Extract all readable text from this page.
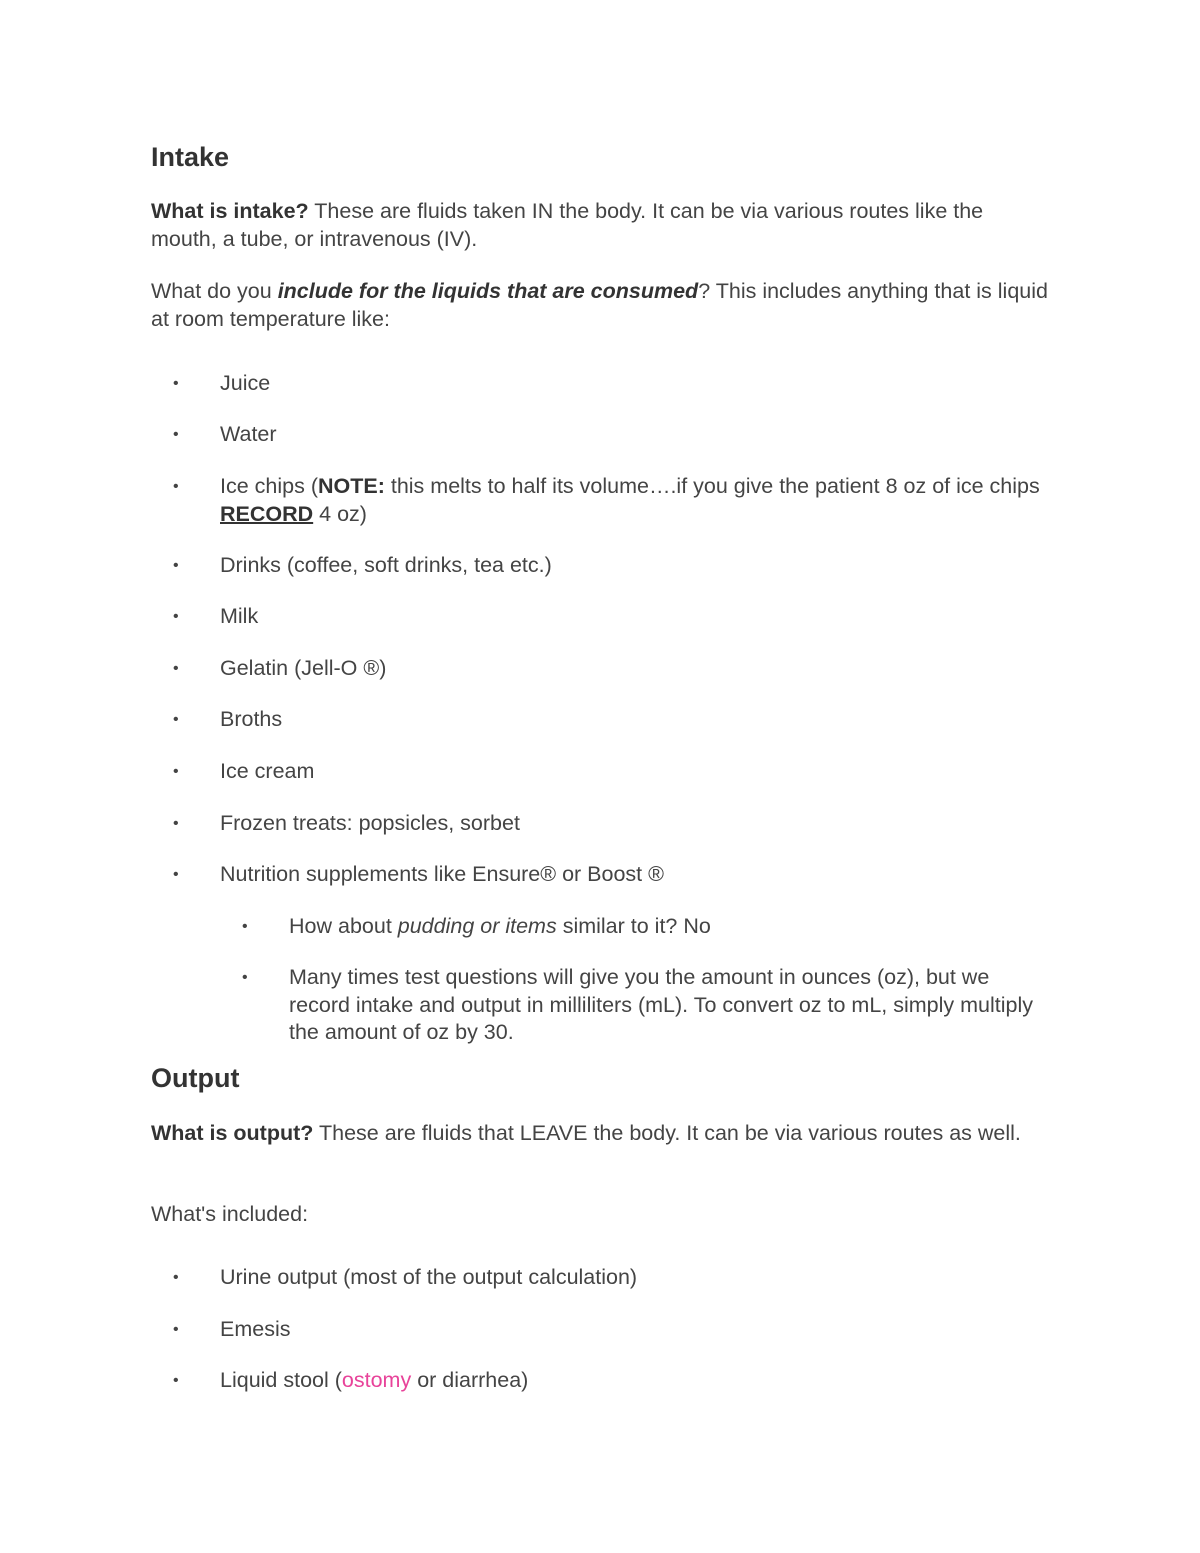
Intake

What is intake? These are fluids taken IN the body. It can be via various routes like the mouth, a tube, or intravenous (IV).

What do you include for the liquids that are consumed? This includes anything that is liquid at room temperature like:

• Juice
• Water
• Ice chips (NOTE: this melts to half its volume….if you give the patient 8 oz of ice chips RECORD 4 oz)
• Drinks (coffee, soft drinks, tea etc.)
• Milk
• Gelatin (Jell-O ®)
• Broths
• Ice cream
• Frozen treats: popsicles, sorbet
• Nutrition supplements like Ensure® or Boost ®
• How about pudding or items similar to it? No
• Many times test questions will give you the amount in ounces (oz), but we record intake and output in milliliters (mL). To convert oz to mL, simply multiply the amount of oz by 30.
Output

What is output? These are fluids that LEAVE the body. It can be via various routes as well.

What's included:

• Urine output (most of the output calculation)
• Emesis
• Liquid stool (ostomy or diarrhea)
